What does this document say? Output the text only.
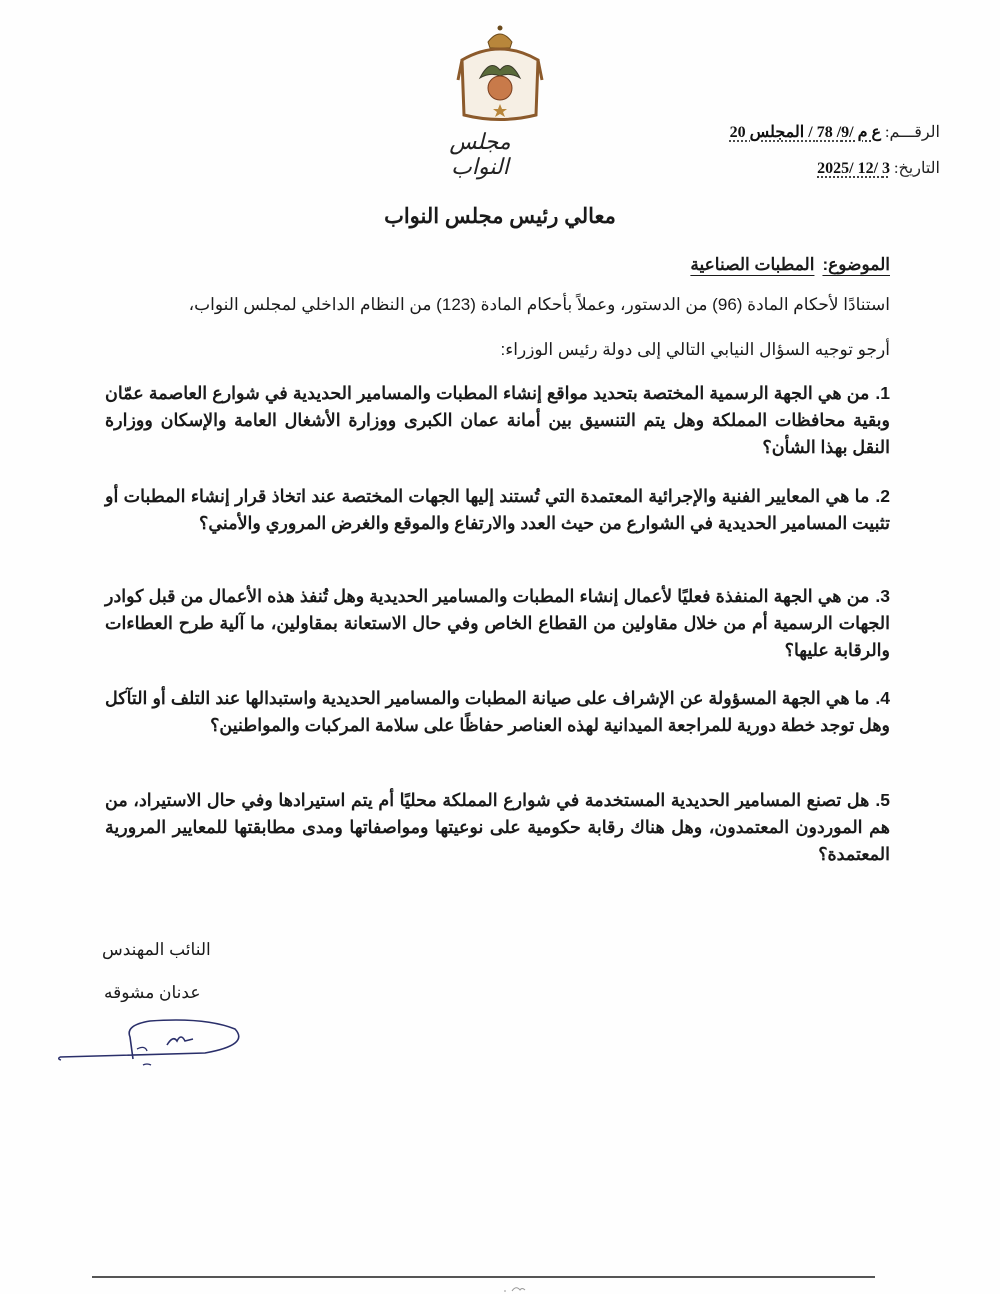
مجلس النواب
الرقـــم: ع م /9/ 78 / المجلس 20
التاريخ: 3 /12 /2025
معالي رئيس مجلس النواب
الموضوع:المطبات الصناعية
استنادًا لأحكام المادة (96) من الدستور، وعملاً بأحكام المادة (123) من النظام الداخلي لمجلس النواب،
أرجو توجيه السؤال النيابي التالي إلى دولة رئيس الوزراء:
1.من هي الجهة الرسمية المختصة بتحديد مواقع إنشاء المطبات والمسامير الحديدية في شوارع العاصمة عمّان وبقية محافظات المملكة وهل يتم التنسيق بين أمانة عمان الكبرى ووزارة الأشغال العامة والإسكان ووزارة النقل بهذا الشأن؟
2.ما هي المعايير الفنية والإجرائية المعتمدة التي تُستند إليها الجهات المختصة عند اتخاذ قرار إنشاء المطبات أو تثبيت المسامير الحديدية في الشوارع من حيث العدد والارتفاع والموقع والغرض المروري والأمني؟
3.من هي الجهة المنفذة فعليًا لأعمال إنشاء المطبات والمسامير الحديدية وهل تُنفذ هذه الأعمال من قبل كوادر الجهات الرسمية أم من خلال مقاولين من القطاع الخاص وفي حال الاستعانة بمقاولين، ما آلية طرح العطاءات والرقابة عليها؟
4.ما هي الجهة المسؤولة عن الإشراف على صيانة المطبات والمسامير الحديدية واستبدالها عند التلف أو التآكل وهل توجد خطة دورية للمراجعة الميدانية لهذه العناصر حفاظًا على سلامة المركبات والمواطنين؟
5.هل تصنع المسامير الحديدية المستخدمة في شوارع المملكة محليًا أم يتم استيرادها وفي حال الاستيراد، من هم الموردون المعتمدون، وهل هناك رقابة حكومية على نوعيتها ومواصفاتها ومدى مطابقتها للمعايير المرورية المعتمدة؟
النائب المهندس
عدنان مشوقه
